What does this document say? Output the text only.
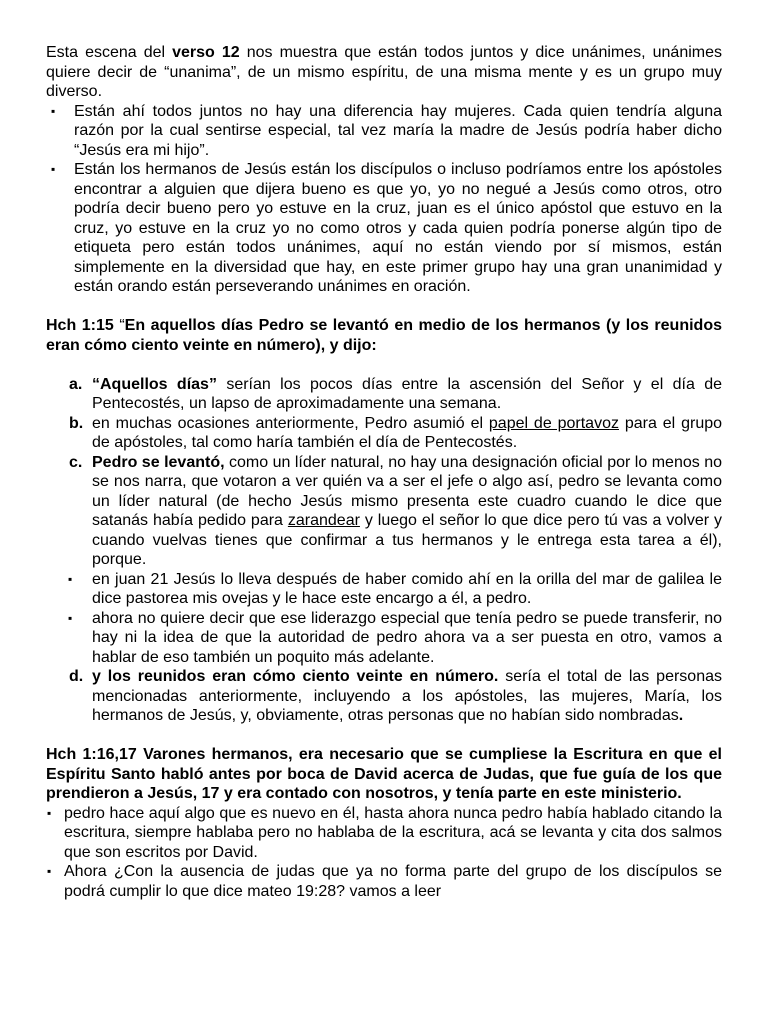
Esta escena del verso 12 nos muestra que están todos juntos y dice unánimes, unánimes quiere decir de “unanima”, de un mismo espíritu, de una misma mente y es un grupo muy diverso.

▪ Están ahí todos juntos no hay una diferencia hay mujeres. Cada quien tendría alguna razón por la cual sentirse especial, tal vez maría la madre de Jesús podría haber dicho “Jesús era mi hijo”.
▪ Están los hermanos de Jesús están los discípulos o incluso podríamos entre los apóstoles encontrar a alguien que dijera bueno es que yo, yo no negué a Jesús como otros, otro podría decir bueno pero yo estuve en la cruz, juan es el único apóstol que estuvo en la cruz, yo estuve en la cruz yo no como otros y cada quien podría ponerse algún tipo de etiqueta pero están todos unánimes, aquí no están viendo por sí mismos, están simplemente en la diversidad que hay, en este primer grupo hay una gran unanimidad y están orando están perseverando unánimes en oración.

Hch 1:15 “En aquellos días Pedro se levantó en medio de los hermanos (y los reunidos eran cómo ciento veinte en número), y dijo:

a. “Aquellos días” serían los pocos días entre la ascensión del Señor y el día de Pentecostés, un lapso de aproximadamente una semana.
b. en muchas ocasiones anteriormente, Pedro asumió el papel de portavoz para el grupo de apóstoles, tal como haría también el día de Pentecostés.
c. Pedro se levantó, como un líder natural, no hay una designación oficial por lo menos no se nos narra, que votaron a ver quién va a ser el jefe o algo así, pedro se levanta como un líder natural (de hecho Jesús mismo presenta este cuadro cuando le dice que satanás había pedido para zarandear y luego el señor lo que dice pero tú vas a volver y cuando vuelvas tienes que confirmar a tus hermanos y le entrega esta tarea a él), porque.
▪ en juan 21 Jesús lo lleva después de haber comido ahí en la orilla del mar de galilea le dice pastorea mis ovejas y le hace este encargo a él, a pedro.
▪ ahora no quiere decir que ese liderazgo especial que tenía pedro se puede transferir, no hay ni la idea de que la autoridad de pedro ahora va a ser puesta en otro, vamos a hablar de eso también un poquito más adelante.
d. y los reunidos eran cómo ciento veinte en número. sería el total de las personas mencionadas anteriormente, incluyendo a los apóstoles, las mujeres, María, los hermanos de Jesús, y, obviamente, otras personas que no habían sido nombradas.

Hch 1:16,17 Varones hermanos, era necesario que se cumpliese la Escritura en que el Espíritu Santo habló antes por boca de David acerca de Judas, que fue guía de los que prendieron a Jesús, 17 y era contado con nosotros, y tenía parte en este ministerio.

▪ pedro hace aquí algo que es nuevo en él, hasta ahora nunca pedro había hablado citando la escritura, siempre hablaba pero no hablaba de la escritura, acá se levanta y cita dos salmos que son escritos por David.
▪ Ahora ¿Con la ausencia de judas que ya no forma parte del grupo de los discípulos se podrá cumplir lo que dice mateo 19:28? vamos a leer
